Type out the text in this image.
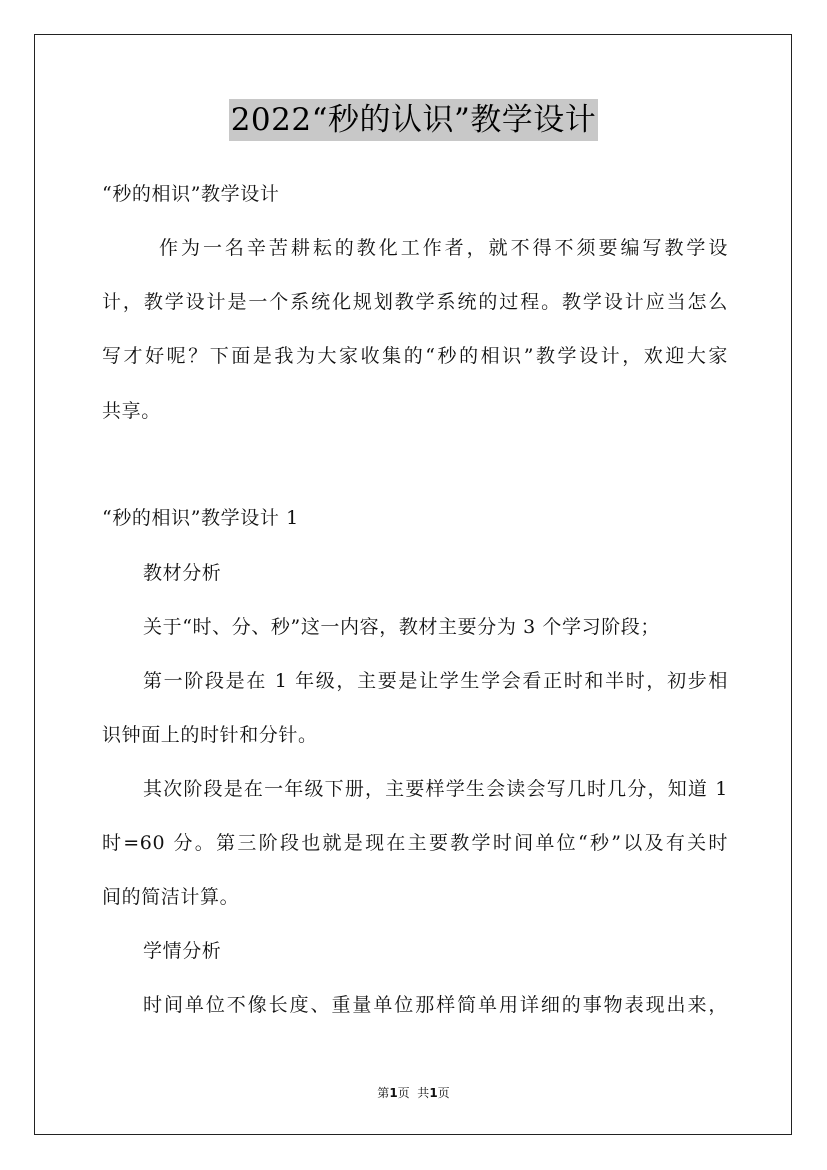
2022“秒的认识”教学设计
“秒的相识”教学设计
作为一名辛苦耕耘的教化工作者，就不得不须要编写教学设
计，教学设计是一个系统化规划教学系统的过程。教学设计应当怎么
写才好呢？下面是我为大家收集的“秒的相识”教学设计，欢迎大家
共享。
“秒的相识”教学设计 1
教材分析
关于“时、分、秒”这一内容，教材主要分为 3 个学习阶段；
第一阶段是在 1 年级，主要是让学生学会看正时和半时，初步相
识钟面上的时针和分针。
其次阶段是在一年级下册，主要样学生会读会写几时几分，知道 1
时=60 分。第三阶段也就是现在主要教学时间单位“秒”以及有关时
间的简洁计算。
学情分析
时间单位不像长度、重量单位那样简单用详细的事物表现出来，
第1页  共1页
